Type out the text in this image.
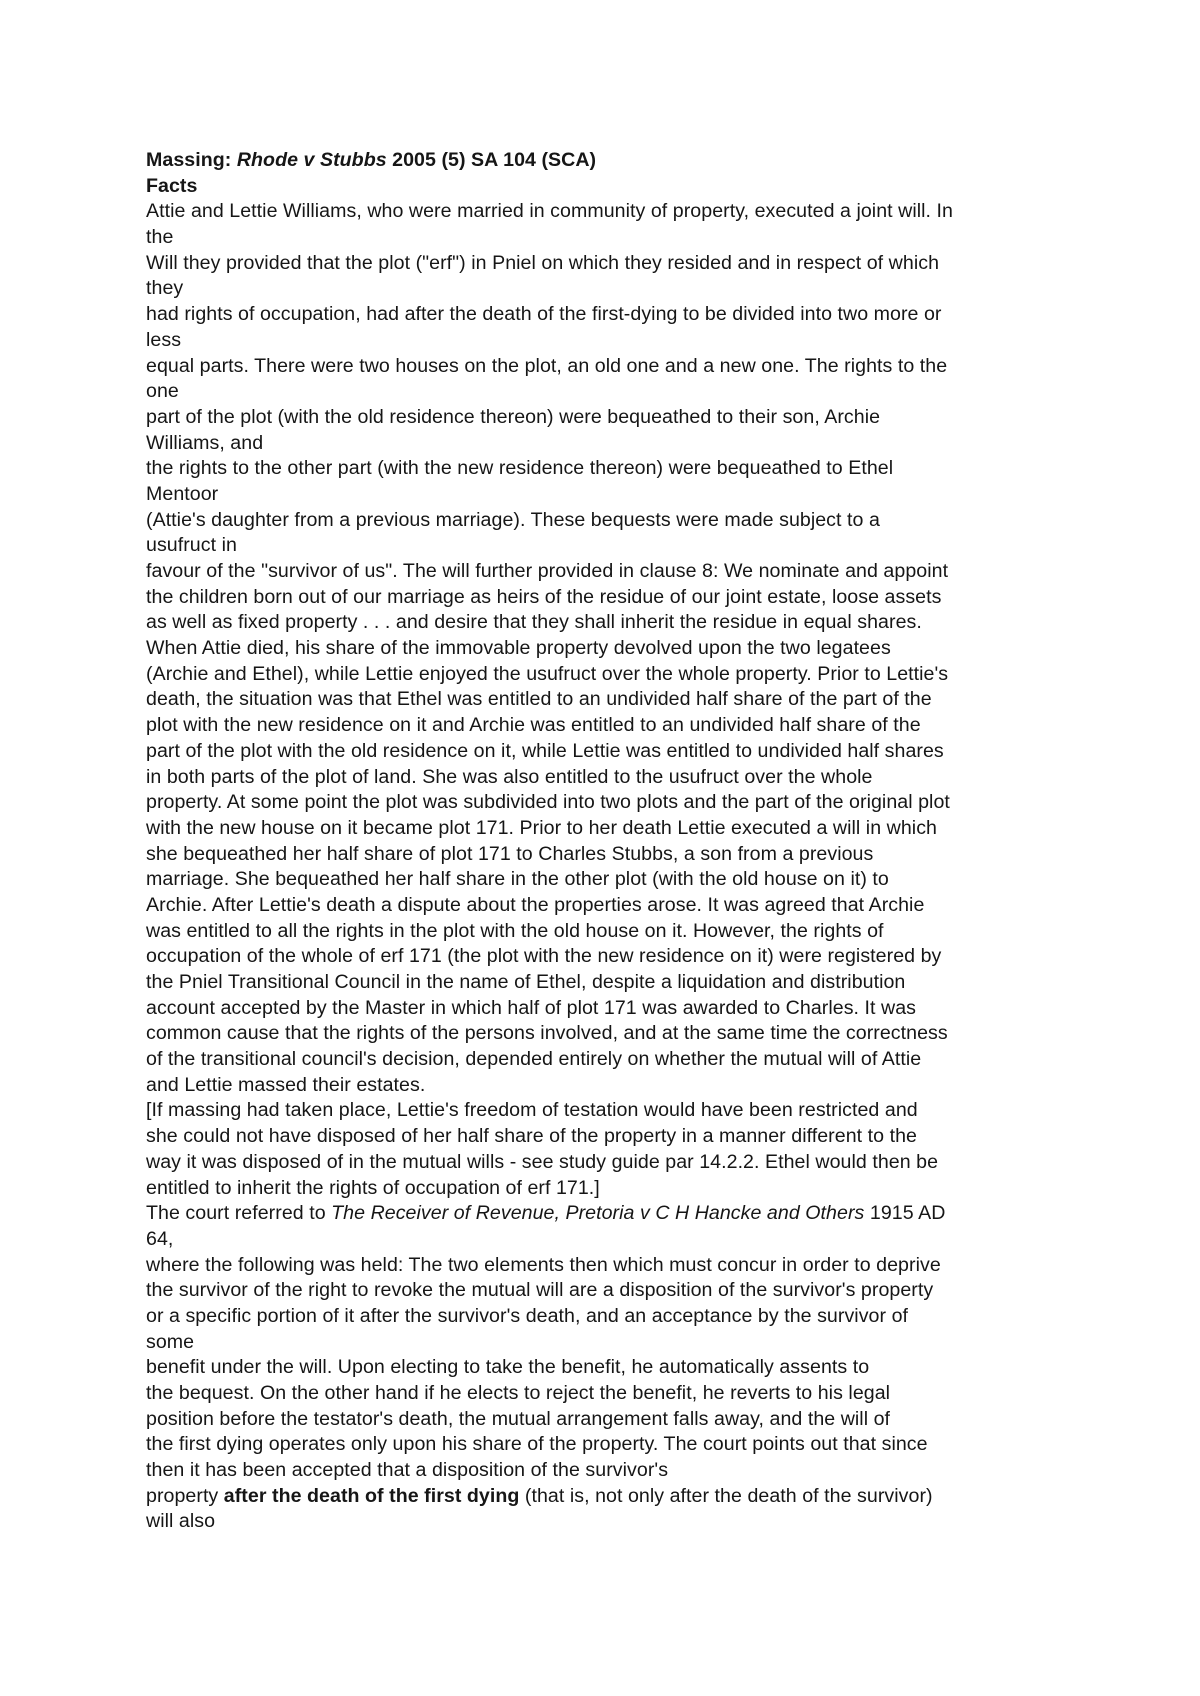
Massing: Rhode v Stubbs 2005 (5) SA 104 (SCA)
Facts
Attie and Lettie Williams, who were married in community of property, executed a joint will. In
the
Will they provided that the plot ("erf") in Pniel on which they resided and in respect of which
they
had rights of occupation, had after the death of the first-dying to be divided into two more or
less
equal parts. There were two houses on the plot, an old one and a new one. The rights to the
one
part of the plot (with the old residence thereon) were bequeathed to their son, Archie
Williams, and
the rights to the other part (with the new residence thereon) were bequeathed to Ethel
Mentoor
(Attie's daughter from a previous marriage). These bequests were made subject to a
usufruct in
favour of the "survivor of us". The will further provided in clause 8: We nominate and appoint
the children born out of our marriage as heirs of the residue of our joint estate, loose assets
as well as fixed property . . . and desire that they shall inherit the residue in equal shares.
When Attie died, his share of the immovable property devolved upon the two legatees
(Archie and Ethel), while Lettie enjoyed the usufruct over the whole property. Prior to Lettie's
death, the situation was that Ethel was entitled to an undivided half share of the part of the
plot with the new residence on it and Archie was entitled to an undivided half share of the
part of the plot with the old residence on it, while Lettie was entitled to undivided half shares
in both parts of the plot of land. She was also entitled to the usufruct over the whole
property. At some point the plot was subdivided into two plots and the part of the original plot
with the new house on it became plot 171. Prior to her death Lettie executed a will in which
she bequeathed her half share of plot 171 to Charles Stubbs, a son from a previous
marriage. She bequeathed her half share in the other plot (with the old house on it) to
Archie. After Lettie's death a dispute about the properties arose. It was agreed that Archie
was entitled to all the rights in the plot with the old house on it. However, the rights of
occupation of the whole of erf 171 (the plot with the new residence on it) were registered by
the Pniel Transitional Council in the name of Ethel, despite a liquidation and distribution
account accepted by the Master in which half of plot 171 was awarded to Charles. It was
common cause that the rights of the persons involved, and at the same time the correctness
of the transitional council's decision, depended entirely on whether the mutual will of Attie
and Lettie massed their estates.
[If massing had taken place, Lettie's freedom of testation would have been restricted and
she could not have disposed of her half share of the property in a manner different to the
way it was disposed of in the mutual wills - see study guide par 14.2.2. Ethel would then be
entitled to inherit the rights of occupation of erf 171.]
The court referred to The Receiver of Revenue, Pretoria v C H Hancke and Others 1915 AD
64,
where the following was held: The two elements then which must concur in order to deprive
the survivor of the right to revoke the mutual will are a disposition of the survivor's property
or a specific portion of it after the survivor's death, and an acceptance by the survivor of
some
benefit under the will. Upon electing to take the benefit, he automatically assents to
the bequest. On the other hand if he elects to reject the benefit, he reverts to his legal
position before the testator's death, the mutual arrangement falls away, and the will of
the first dying operates only upon his share of the property. The court points out that since
then it has been accepted that a disposition of the survivor's
property after the death of the first dying (that is, not only after the death of the survivor)
will also
